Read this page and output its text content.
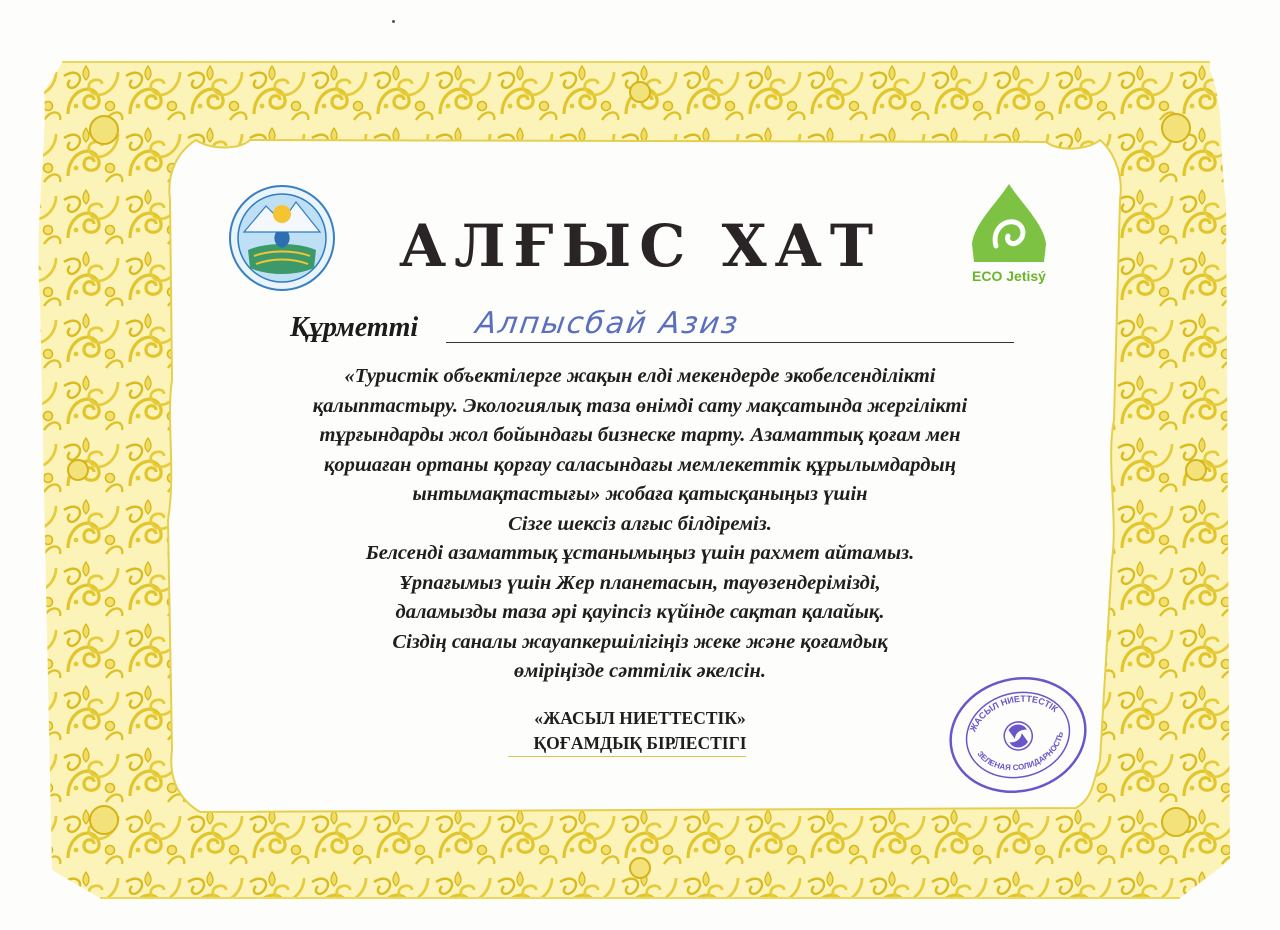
ECO Jetisý
АЛҒЫС ХАТ
Құрметті Алпысбай Азиз
«Туристік объектілерге жақын елді мекендерде экобелсенділікті
қалыптастыру. Экологиялық таза өнімді сату мақсатында жергілікті
тұрғындарды жол бойындағы бизнеске тарту. Азаматтық қоғам мен
қоршаған ортаны қорғау саласындағы мемлекеттік құрылымдардың
ынтымақтастығы» жобаға қатысқаныңыз үшін
Сізге шексіз алғыс білдіреміз.
Белсенді азаматтық ұстанымыңыз үшін рахмет айтамыз.
Ұрпағымыз үшін Жер планетасын, тауөзендерімізді,
даламызды таза әрі қауіпсіз күйінде сақтап қалайық.
Сіздің саналы жауапкершілігіңіз жеке және қоғамдық
өміріңізде сәттілік әкелсін.
«ЖАСЫЛ НИЕТТЕСТІК»
ҚОҒАМДЫҚ БІРЛЕСТІГІ
ЖАСЫЛ НИЕТТЕСТІК
ЗЕЛЕНАЯ СОЛИДАРНОСТЬ
